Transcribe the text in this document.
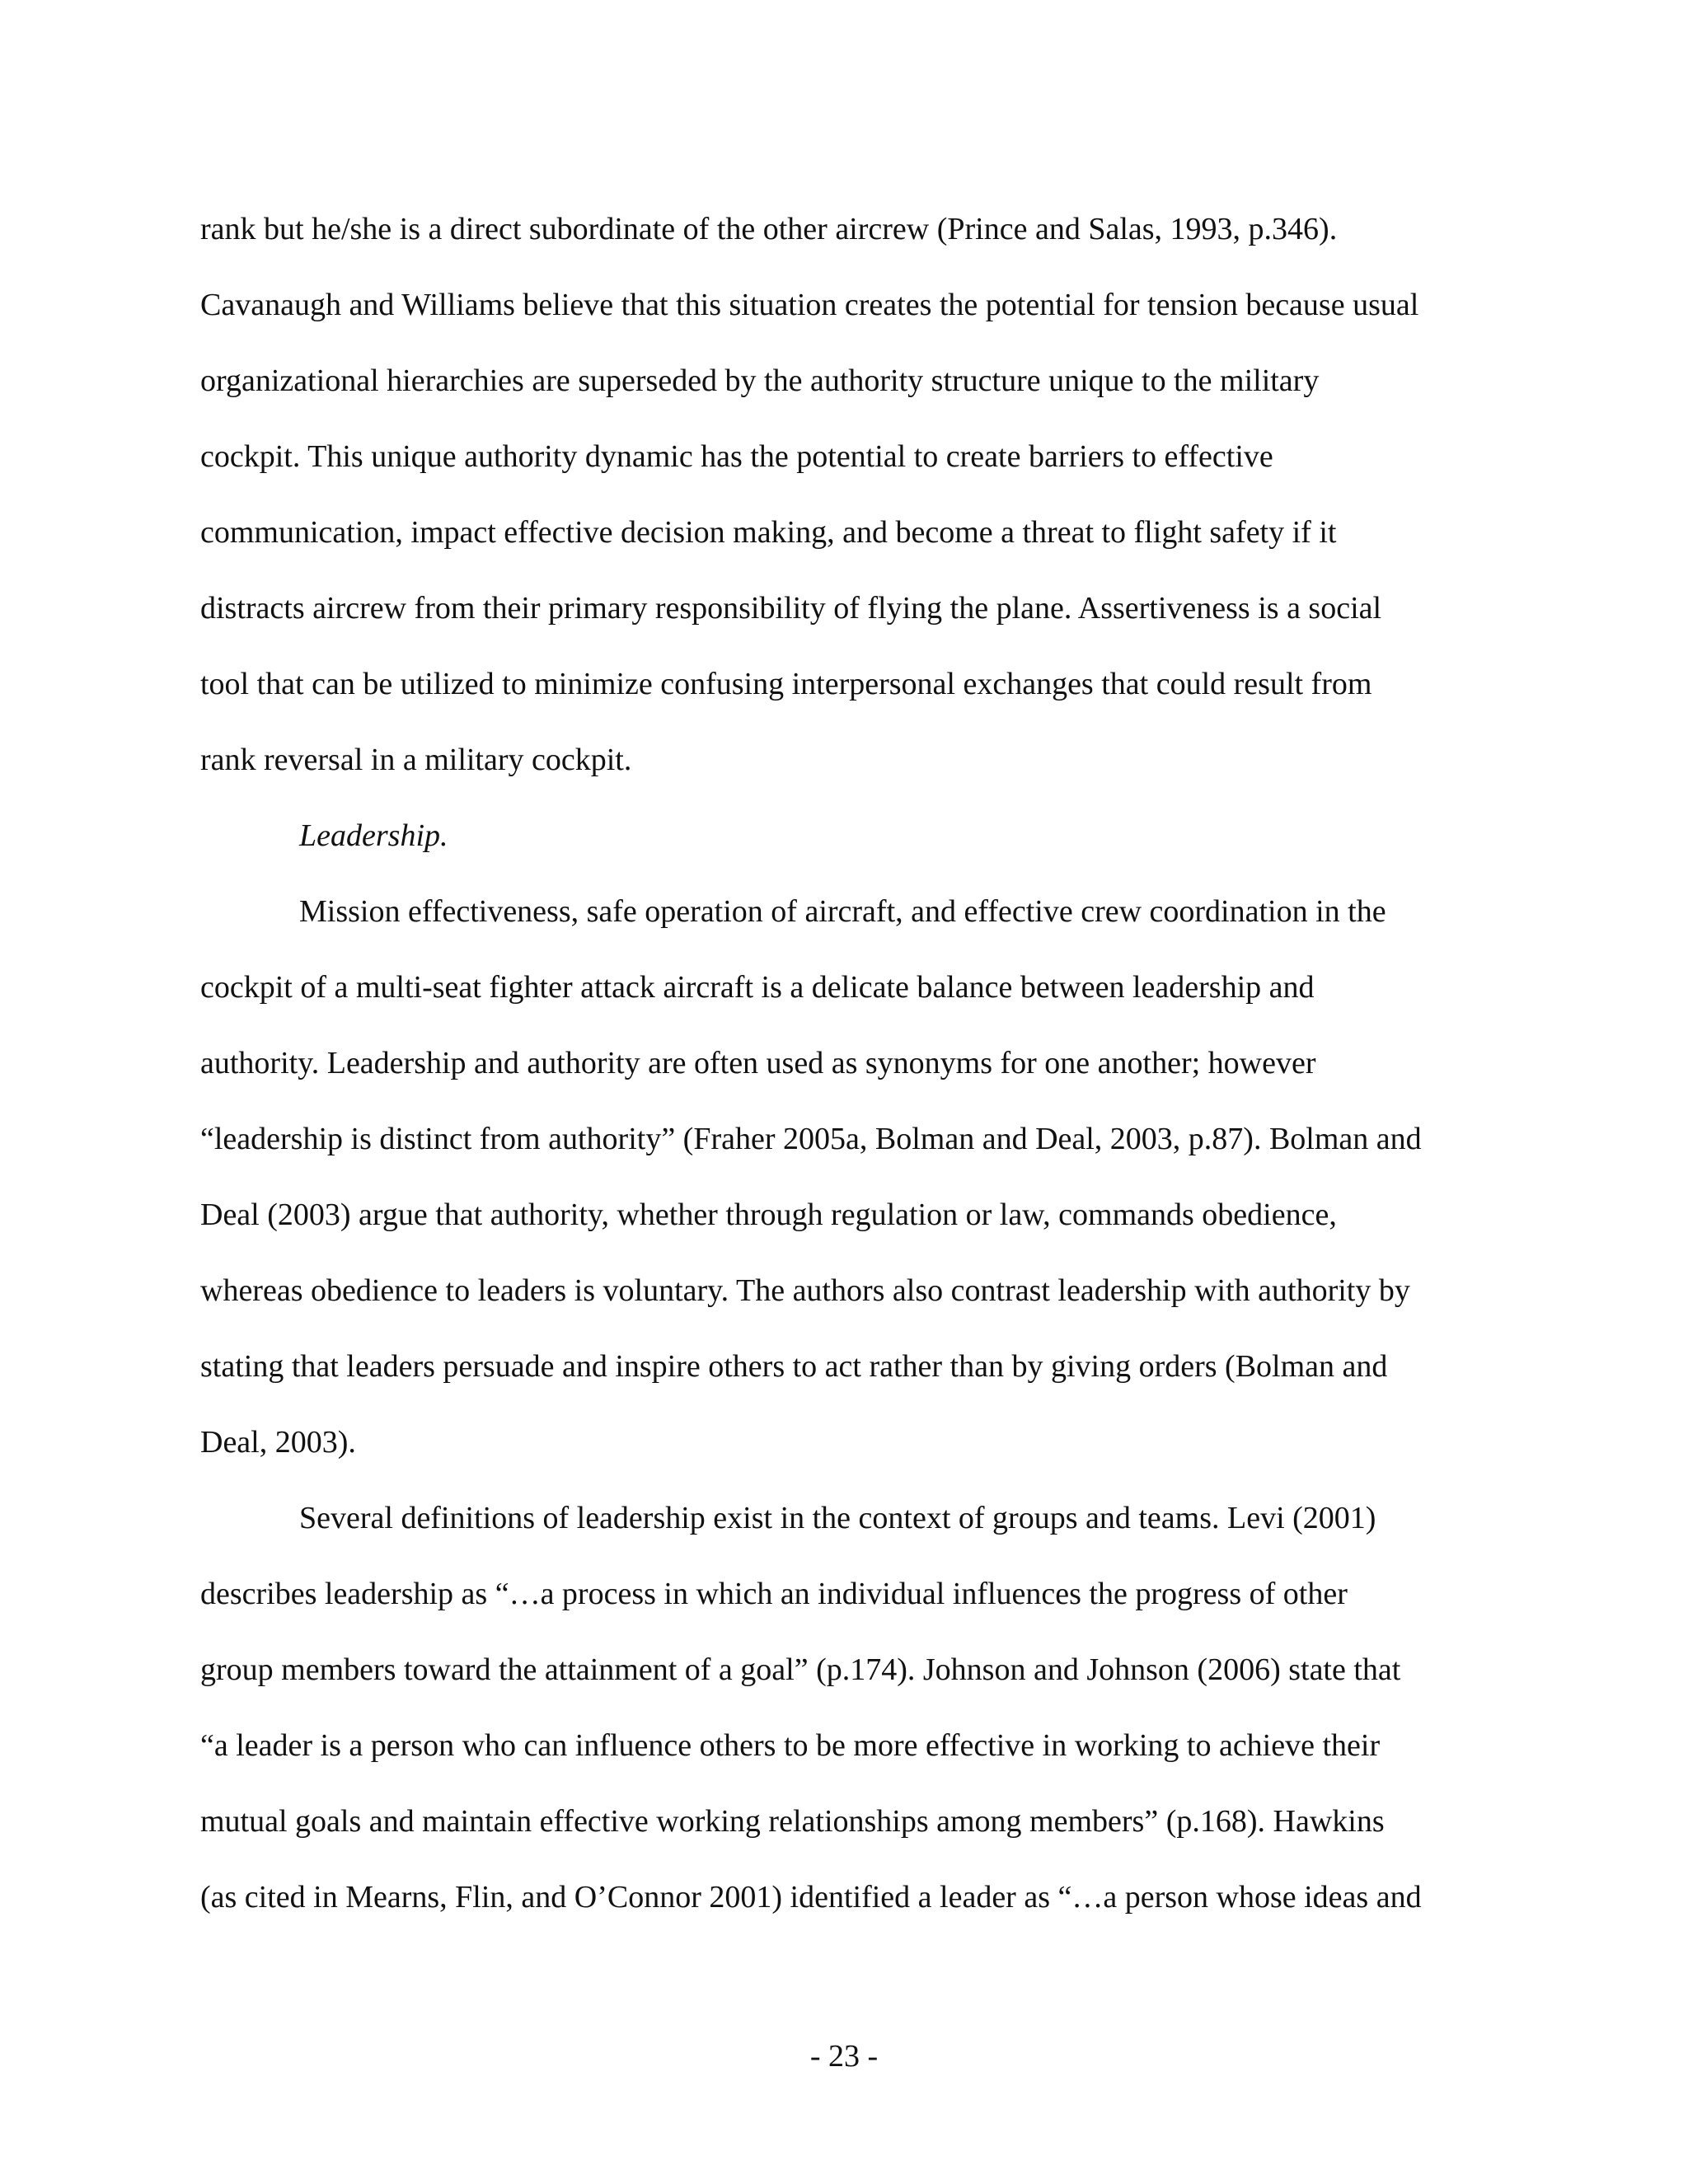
rank but he/she is a direct subordinate of the other aircrew (Prince and Salas, 1993, p.346).
Cavanaugh and Williams believe that this situation creates the potential for tension because usual
organizational hierarchies are superseded by the authority structure unique to the military
cockpit. This unique authority dynamic has the potential to create barriers to effective
communication, impact effective decision making, and become a threat to flight safety if it
distracts aircrew from their primary responsibility of flying the plane. Assertiveness is a social
tool that can be utilized to minimize confusing interpersonal exchanges that could result from
rank reversal in a military cockpit.
Leadership.
Mission effectiveness, safe operation of aircraft, and effective crew coordination in the
cockpit of a multi-seat fighter attack aircraft is a delicate balance between leadership and
authority. Leadership and authority are often used as synonyms for one another; however
“leadership is distinct from authority” (Fraher 2005a, Bolman and Deal, 2003, p.87). Bolman and
Deal (2003) argue that authority, whether through regulation or law, commands obedience,
whereas obedience to leaders is voluntary. The authors also contrast leadership with authority by
stating that leaders persuade and inspire others to act rather than by giving orders (Bolman and
Deal, 2003).
Several definitions of leadership exist in the context of groups and teams. Levi (2001)
describes leadership as “…a process in which an individual influences the progress of other
group members toward the attainment of a goal” (p.174). Johnson and Johnson (2006) state that
“a leader is a person who can influence others to be more effective in working to achieve their
mutual goals and maintain effective working relationships among members” (p.168). Hawkins
(as cited in Mearns, Flin, and O’Connor 2001) identified a leader as “…a person whose ideas and
- 23 -
